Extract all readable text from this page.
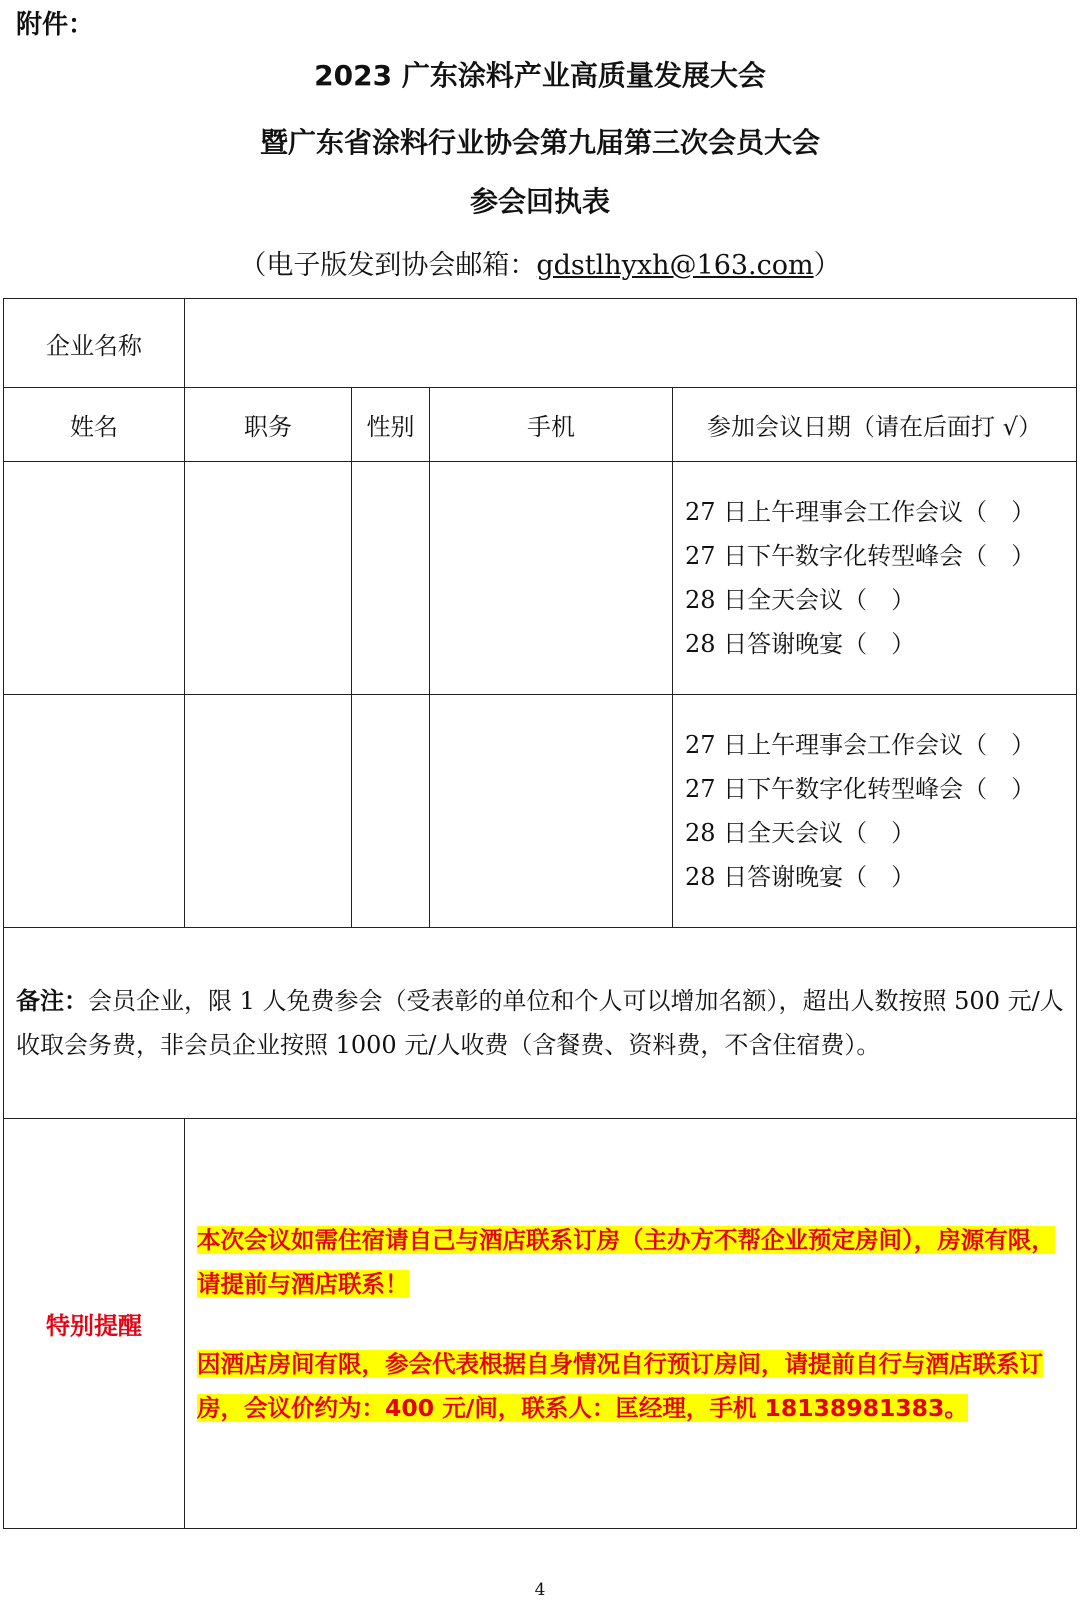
附件：
2023 广东涂料产业高质量发展大会
暨广东省涂料行业协会第九届第三次会员大会
参会回执表
（电子版发到协会邮箱：gdstlhyxh@163.com）
企业名称				
姓名	职务	性别	手机	参加会议日期（请在后面打 √）

				27 日上午理事会工作会议（　）
27 日下午数字化转型峰会（　）
28 日全天会议（　）
28 日答谢晚宴（　）

				27 日上午理事会工作会议（　）
27 日下午数字化转型峰会（　）
28 日全天会议（　）
28 日答谢晚宴（　）

备注：会员企业，限 1 人免费参会（受表彰的单位和个人可以增加名额），超出人数按照 500 元/人收取会务费，非会员企业按照 1000 元/人收费（含餐费、资料费，不含住宿费）。				
特别提醒	本次会议如需住宿请自己与酒店联系订房（主办方不帮企业预定房间），房源有限，请提前与酒店联系！

因酒店房间有限，参会代表根据自身情况自行预订房间，请提前自行与酒店联系订房，会议价约为：400 元/间，联系人：匡经理，手机 18138981383。			

4
